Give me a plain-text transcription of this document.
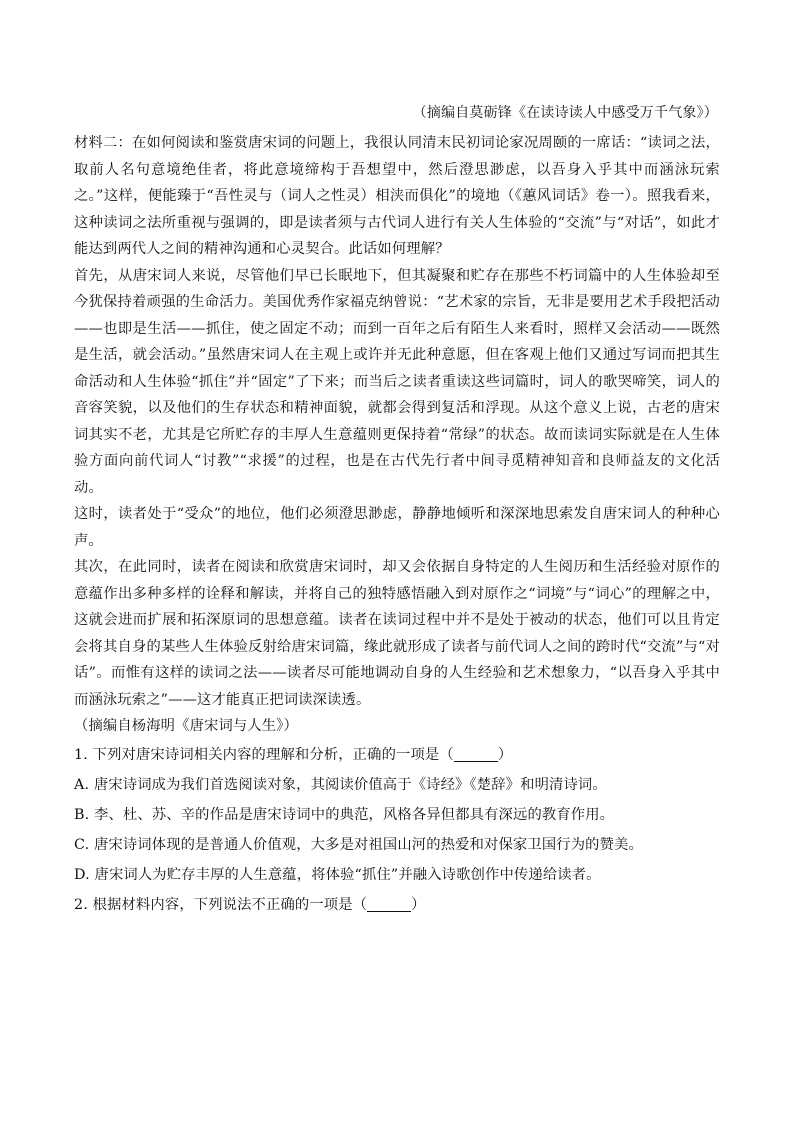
（摘编自莫砺锋《在读诗读人中感受万千气象》）

材料二：在如何阅读和鉴赏唐宋词的问题上，我很认同清末民初词论家况周颐的一席话：“读词之法，取前人名句意境绝佳者，将此意境缔构于吾想望中，然后澄思渺虑，以吾身入乎其中而涵泳玩索之。”这样，便能臻于“吾性灵与（词人之性灵）相浃而俱化”的境地（《蕙风词话》卷一）。照我看来，这种读词之法所重视与强调的，即是读者须与古代词人进行有关人生体验的“交流”与“对话”，如此才能达到两代人之间的精神沟通和心灵契合。此话如何理解？

首先，从唐宋词人来说，尽管他们早已长眠地下，但其凝聚和贮存在那些不朽词篇中的人生体验却至今犹保持着顽强的生命活力。美国优秀作家福克纳曾说：“艺术家的宗旨，无非是要用艺术手段把活动——也即是生活——抓住，使之固定不动；而到一百年之后有陌生人来看时，照样又会活动——既然是生活，就会活动。”虽然唐宋词人在主观上或许并无此种意愿，但在客观上他们又通过写词而把其生命活动和人生体验“抓住”并“固定”了下来；而当后之读者重读这些词篇时，词人的歌哭啼笑，词人的音容笑貌，以及他们的生存状态和精神面貌，就都会得到复活和浮现。从这个意义上说，古老的唐宋词其实不老，尤其是它所贮存的丰厚人生意蕴则更保持着“常绿”的状态。故而读词实际就是在人生体验方面向前代词人“讨教”“求援”的过程，也是在古代先行者中间寻觅精神知音和良师益友的文化活动。

这时，读者处于“受众”的地位，他们必须澄思渺虑，静静地倾听和深深地思索发自唐宋词人的种种心声。

其次，在此同时，读者在阅读和欣赏唐宋词时，却又会依据自身特定的人生阅历和生活经验对原作的意蕴作出多种多样的诠释和解读，并将自己的独特感悟融入到对原作之“词境”与“词心”的理解之中，这就会进而扩展和拓深原词的思想意蕴。读者在读词过程中并不是处于被动的状态，他们可以且肯定会将其自身的某些人生体验反射给唐宋词篇，缘此就形成了读者与前代词人之间的跨时代“交流”与“对话”。而惟有这样的读词之法——读者尽可能地调动自身的人生经验和艺术想象力，“以吾身入乎其中而涵泳玩索之”——这才能真正把词读深读透。

（摘编自杨海明《唐宋词与人生》）

1. 下列对唐宋诗词相关内容的理解和分析，正确的一项是（	）

A. 唐宋诗词成为我们首选阅读对象，其阅读价值高于《诗经》《楚辞》和明清诗词。

B. 李、杜、苏、辛的作品是唐宋诗词中的典范，风格各异但都具有深远的教育作用。

C. 唐宋诗词体现的是普通人价值观，大多是对祖国山河的热爱和对保家卫国行为的赞美。

D. 唐宋词人为贮存丰厚的人生意蕴，将体验“抓住”并融入诗歌创作中传递给读者。

2. 根据材料内容，下列说法不正确的一项是（	）
